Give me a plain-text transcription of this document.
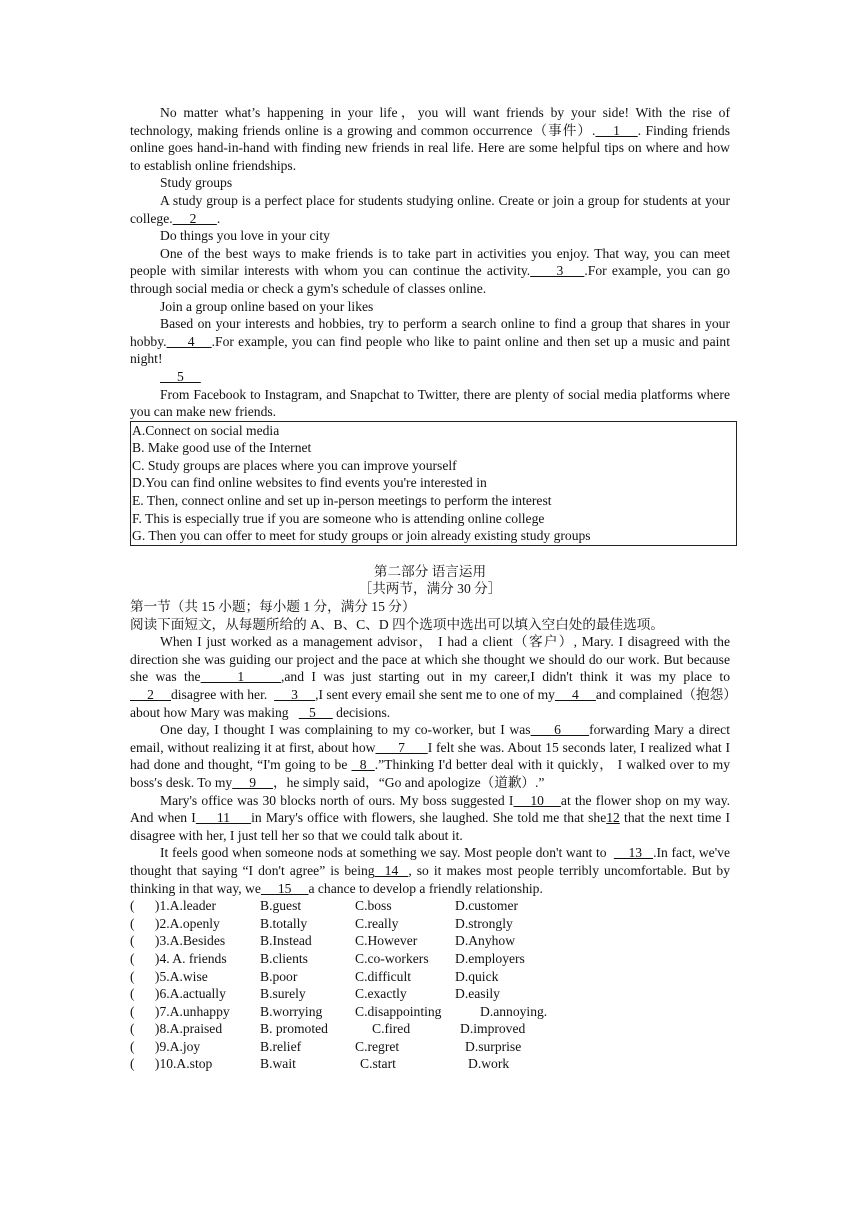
No matter what’s happening in your life，you will want friends by your side! With the rise of technology, making friends online is a growing and common occurrence（事件）.    1    . Finding friends online goes hand-in-hand with finding new friends in real life. Here are some helpful tips on where and how to establish online friendships.

Study groups

A study group is a perfect place for students studying online. Create or join a group for students at your college.     2      .

Do things you love in your city

One of the best ways to make friends is to take part in activities you enjoy. That way, you can meet people with similar interests with whom you can continue the activity.     3    .For example, you can go through social media or check a gym's schedule of classes online.

Join a group online based on your likes

Based on your interests and hobbies, try to perform a search online to find a group that shares in your hobby.     4    .For example, you can find people who like to paint online and then set up a music and paint night!

5

From Facebook to Instagram, and Snapchat to Twitter, there are plenty of social media platforms where you can make new friends.

A.Connect on social media
B. Make good use of the Internet
C. Study groups are places where you can improve yourself
D.You can find online websites to find events you're interested in
E. Then, connect online and set up in-person meetings to perform the interest
F. This is especially true if you are someone who is attending online college
G. Then you can offer to meet for study groups or join already existing study groups

第二部分 语言运用

［共两节，满分 30 分］

第一节（共 15 小题；每小题 1 分，满分 15 分）

阅读下面短文，从每题所给的 A、B、C、D 四个选项中选出可以填入空白处的最佳选项。

When I just worked as a management advisor， I had a client（客户）, Mary. I disagreed with the direction she was guiding our project and the pace at which she thought we should do our work. But because she was the     1     ,and I was just starting out in my career,I didn't think it was my place to     2     disagree with her.       3     ,I sent every email she sent me to one of my     4     and complained（抱怨）about how Mary was making      5      decisions.

One day, I thought I was complaining to my co-worker, but I was     6      forwarding Mary a direct email, without realizing it at first, about how      7      I felt she was. About 15 seconds later, I realized what I had done and thought, “I'm going to be   8  .”Thinking I'd better deal with it quickly， I walked over to my boss′s desk. To my     9     ，he simply said，“Go and apologize（道歉）.”

Mary's office was 30 blocks north of ours. My boss suggested I    10    at the flower shop on my way. And when I     11     in Mary's office with flowers, she laughed. She told me that she12 that the next time I disagree with her, I just tell her so that we could talk about it.

It feels good when someone nods at something we say. Most people don't want to      13   .In fact, we've thought that saying “I don't agree” is being  14  , so it makes most people terribly uncomfortable. But by thinking in that way, we     15     a chance to develop a friendly relationship.

(      )1.A.leader	B.guest	C.boss	D.customer
(      )2.A.openly	B.totally	C.really	D.strongly
(      )3.A.Besides	B.Instead	C.However	D.Anyhow
(      )4. A. friends	B.clients	C.co-workers	D.employers
(      )5.A.wise	B.poor	C.difficult	D.quick
(      )6.A.actually	B.surely	C.exactly	D.easily
(      )7.A.unhappy	B.worrying	C.disappointing	D.annoying.
(      )8.A.praised	B. promoted	C.fired	D.improved
(      )9.A.joy	B.relief	C.regret	D.surprise
(      )10.A.stop	B.wait	C.start	D.work
